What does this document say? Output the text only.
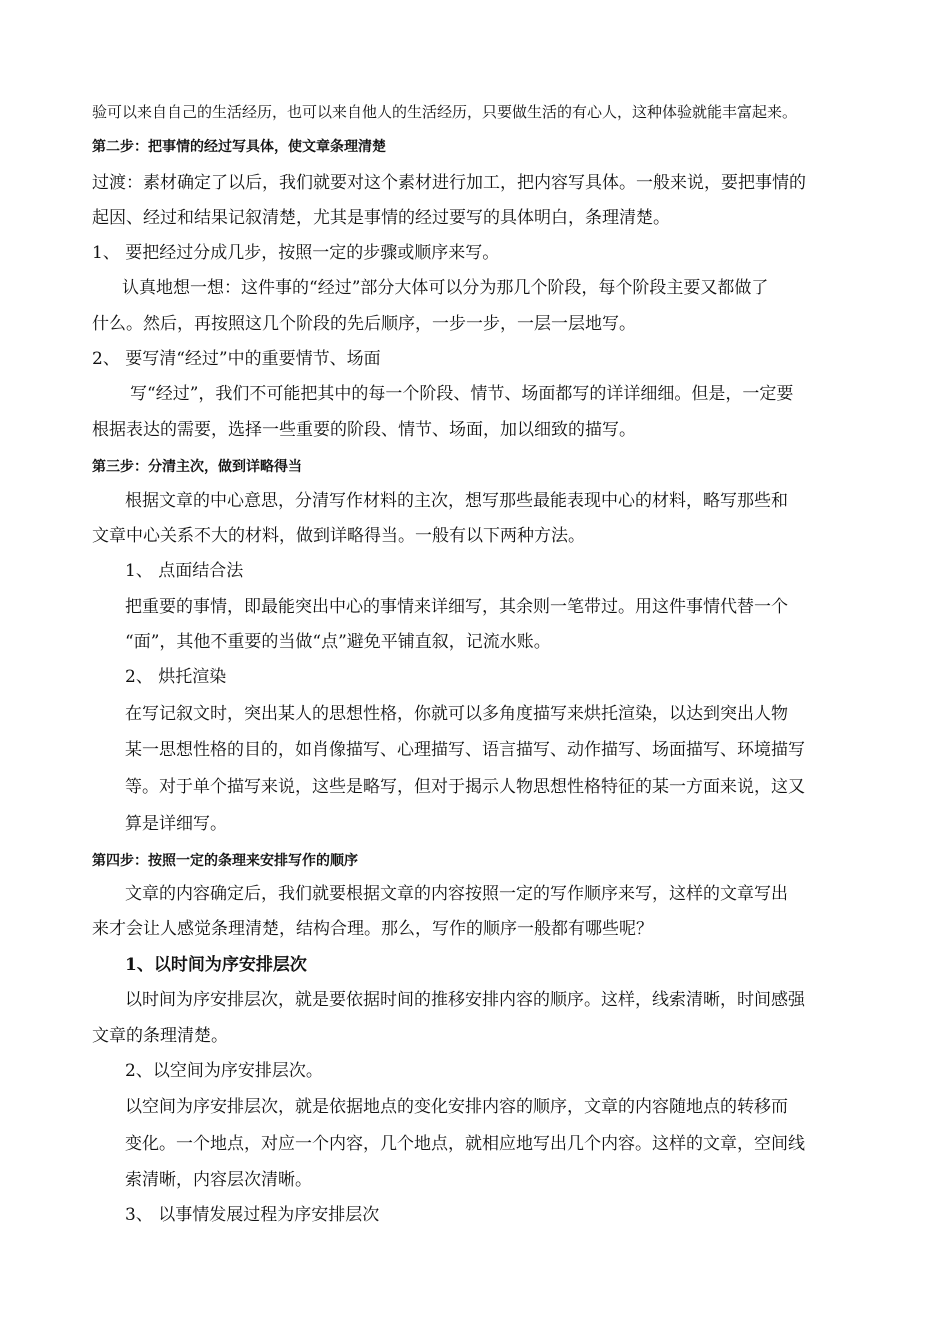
验可以来自自己的生活经历，也可以来自他人的生活经历，只要做生活的有心人，这种体验就能丰富起来。
第二步：把事情的经过写具体，使文章条理清楚
过渡：素材确定了以后，我们就要对这个素材进行加工，把内容写具体。一般来说，要把事情的
起因、经过和结果记叙清楚，尤其是事情的经过要写的具体明白，条理清楚。
1、 要把经过分成几步，按照一定的步骤或顺序来写。
认真地想一想：这件事的“经过”部分大体可以分为那几个阶段，每个阶段主要又都做了
什么。然后，再按照这几个阶段的先后顺序，一步一步，一层一层地写。
2、 要写清“经过”中的重要情节、场面
写“经过”，我们不可能把其中的每一个阶段、情节、场面都写的详详细细。但是，一定要
根据表达的需要，选择一些重要的阶段、情节、场面，加以细致的描写。
第三步：分清主次，做到详略得当
根据文章的中心意思，分清写作材料的主次，想写那些最能表现中心的材料，略写那些和
文章中心关系不大的材料，做到详略得当。一般有以下两种方法。
1、 点面结合法
把重要的事情，即最能突出中心的事情来详细写，其余则一笔带过。用这件事情代替一个
“面”，其他不重要的当做“点”避免平铺直叙，记流水账。
2、 烘托渲染
在写记叙文时，突出某人的思想性格，你就可以多角度描写来烘托渲染，以达到突出人物
某一思想性格的目的，如肖像描写、心理描写、语言描写、动作描写、场面描写、环境描写
等。对于单个描写来说，这些是略写，但对于揭示人物思想性格特征的某一方面来说，这又
算是详细写。
第四步：按照一定的条理来安排写作的顺序
文章的内容确定后，我们就要根据文章的内容按照一定的写作顺序来写，这样的文章写出
来才会让人感觉条理清楚，结构合理。那么，写作的顺序一般都有哪些呢？
1、以时间为序安排层次
以时间为序安排层次，就是要依据时间的推移安排内容的顺序。这样，线索清晰，时间感强
文章的条理清楚。
2、以空间为序安排层次。
以空间为序安排层次，就是依据地点的变化安排内容的顺序，文章的内容随地点的转移而
变化。一个地点，对应一个内容，几个地点，就相应地写出几个内容。这样的文章，空间线
索清晰，内容层次清晰。
3、 以事情发展过程为序安排层次
